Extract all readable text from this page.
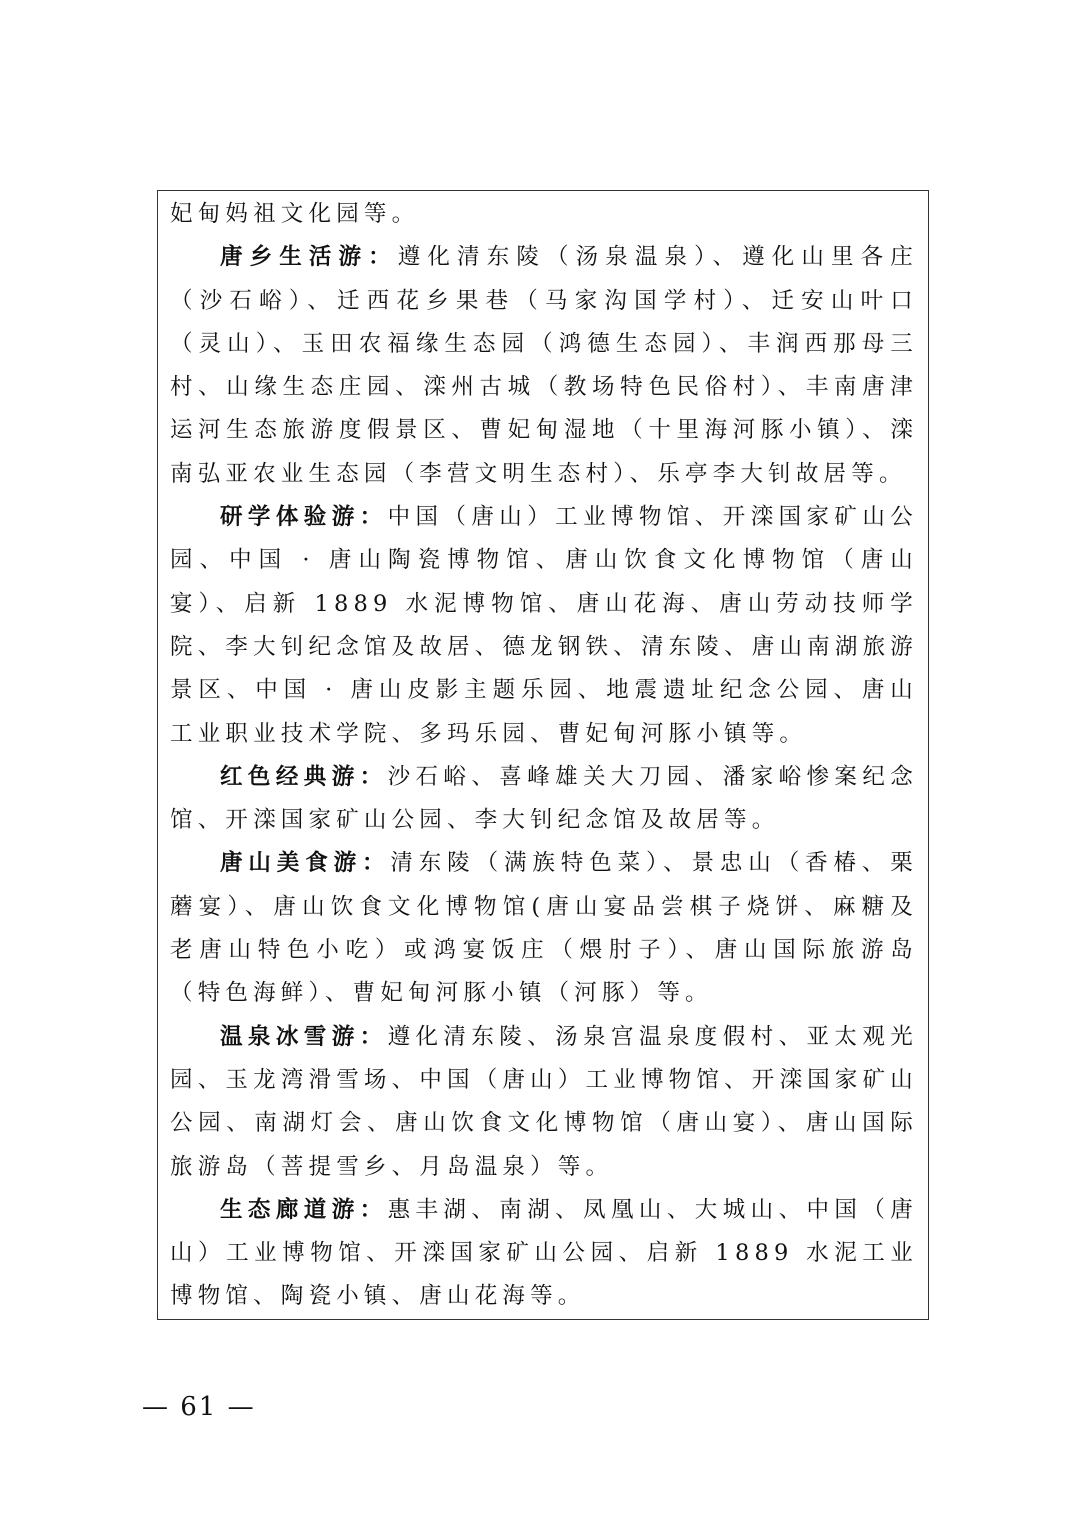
妃甸妈祖文化园等。

唐乡生活游：遵化清东陵（汤泉温泉）、遵化山里各庄（沙石峪）、迁西花乡果巷（马家沟国学村）、迁安山叶口（灵山）、玉田农福缘生态园（鸿德生态园）、丰润西那母三村、山缘生态庄园、滦州古城（教场特色民俗村）、丰南唐津运河生态旅游度假景区、曹妃甸湿地（十里海河豚小镇）、滦南弘亚农业生态园（李营文明生态村）、乐亭李大钊故居等。

研学体验游：中国（唐山）工业博物馆、开滦国家矿山公园、中国 · 唐山陶瓷博物馆、唐山饮食文化博物馆（唐山宴）、启新 1889 水泥博物馆、唐山花海、唐山劳动技师学院、李大钊纪念馆及故居、德龙钢铁、清东陵、唐山南湖旅游景区、中国 · 唐山皮影主题乐园、地震遗址纪念公园、唐山工业职业技术学院、多玛乐园、曹妃甸河豚小镇等。

红色经典游：沙石峪、喜峰雄关大刀园、潘家峪惨案纪念馆、开滦国家矿山公园、李大钊纪念馆及故居等。

唐山美食游：清东陵（满族特色菜）、景忠山（香椿、栗蘑宴）、唐山饮食文化博物馆(唐山宴品尝棋子烧饼、麻糖及老唐山特色小吃）或鸿宴饭庄（煨肘子）、唐山国际旅游岛（特色海鲜）、曹妃甸河豚小镇（河豚）等。

温泉冰雪游：遵化清东陵、汤泉宫温泉度假村、亚太观光园、玉龙湾滑雪场、中国（唐山）工业博物馆、开滦国家矿山公园、南湖灯会、唐山饮食文化博物馆（唐山宴）、唐山国际旅游岛（菩提雪乡、月岛温泉）等。

生态廊道游：惠丰湖、南湖、凤凰山、大城山、中国（唐山）工业博物馆、开滦国家矿山公园、启新 1889 水泥工业博物馆、陶瓷小镇、唐山花海等。

— 61 —
